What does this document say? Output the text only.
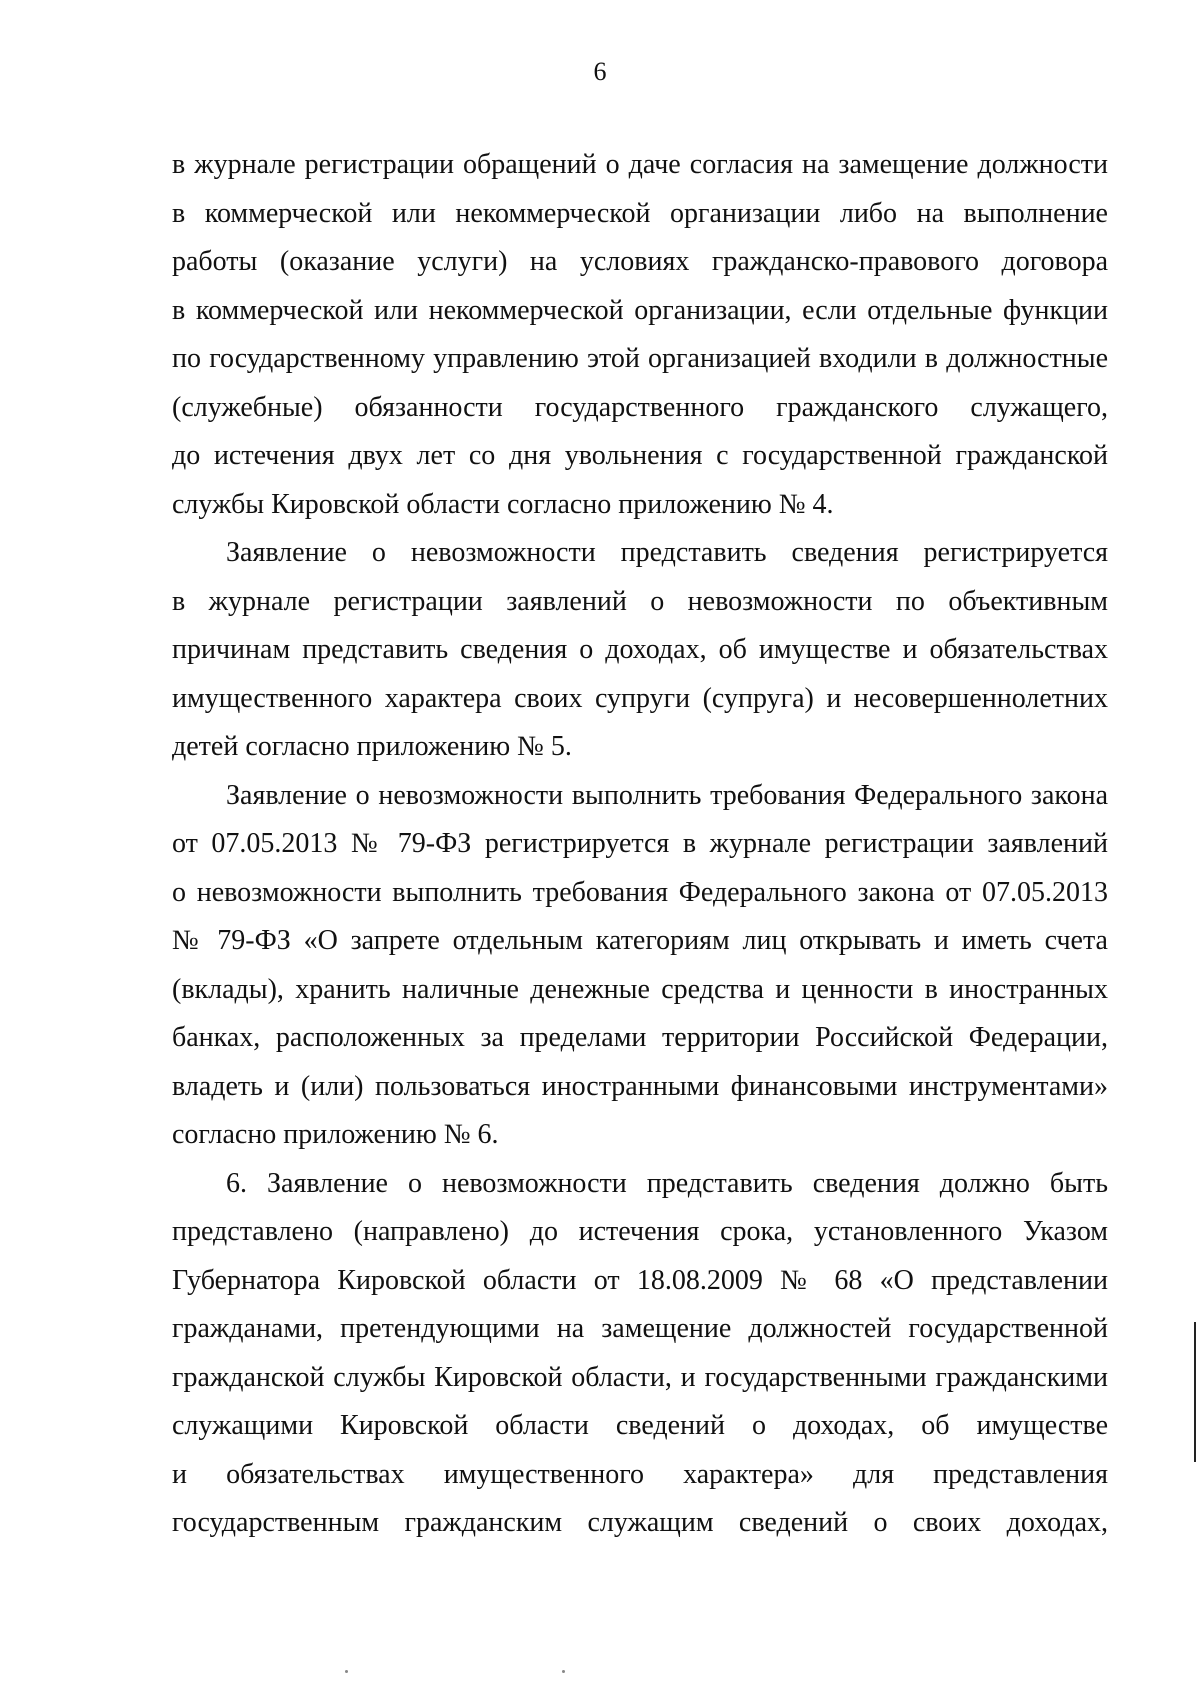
6
в журнале регистрации обращений о даче согласия на замещение должности
в коммерческой или некоммерческой организации либо на выполнение
работы (оказание услуги) на условиях гражданско-правового договора
в коммерческой или некоммерческой организации, если отдельные функции
по государственному управлению этой организацией входили в должностные
(служебные) обязанности государственного гражданского служащего,
до истечения двух лет со дня увольнения с государственной гражданской
службы Кировской области согласно приложению № 4.
Заявление о невозможности представить сведения регистрируется
в журнале регистрации заявлений о невозможности по объективным
причинам представить сведения о доходах, об имуществе и обязательствах
имущественного характера своих супруги (супруга) и несовершеннолетних
детей согласно приложению № 5.
Заявление о невозможности выполнить требования Федерального закона
от 07.05.2013 № 79-ФЗ регистрируется в журнале регистрации заявлений
о невозможности выполнить требования Федерального закона от 07.05.2013
№ 79-ФЗ «О запрете отдельным категориям лиц открывать и иметь счета
(вклады), хранить наличные денежные средства и ценности в иностранных
банках, расположенных за пределами территории Российской Федерации,
владеть и (или) пользоваться иностранными финансовыми инструментами»
согласно приложению № 6.
6. Заявление о невозможности представить сведения должно быть
представлено (направлено) до истечения срока, установленного Указом
Губернатора Кировской области от 18.08.2009 № 68 «О представлении
гражданами, претендующими на замещение должностей государственной
гражданской службы Кировской области, и государственными гражданскими
служащими Кировской области сведений о доходах, об имуществе
и обязательствах имущественного характера» для представления
государственным гражданским служащим сведений о своих доходах,
